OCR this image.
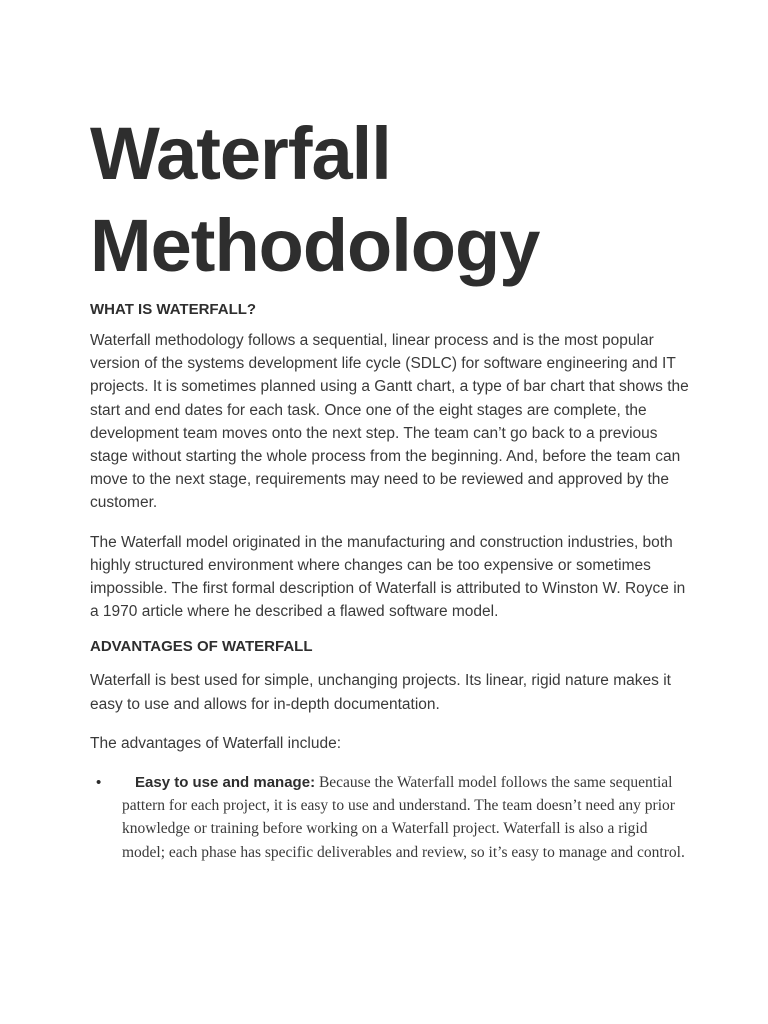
Waterfall
Methodology
WHAT IS WATERFALL?

Waterfall methodology follows a sequential, linear process and is the most popular version of the systems development life cycle (SDLC) for software engineering and IT projects. It is sometimes planned using a Gantt chart, a type of bar chart that shows the start and end dates for each task. Once one of the eight stages are complete, the development team moves onto the next step. The team can’t go back to a previous stage without starting the whole process from the beginning. And, before the team can move to the next stage, requirements may need to be reviewed and approved by the customer.

The Waterfall model originated in the manufacturing and construction industries, both highly structured environment where changes can be too expensive or sometimes impossible. The first formal description of Waterfall is attributed to Winston W. Royce in a 1970 article where he described a flawed software model.

ADVANTAGES OF WATERFALL

Waterfall is best used for simple, unchanging projects. Its linear, rigid nature makes it easy to use and allows for in-depth documentation.

The advantages of Waterfall include:

• Easy to use and manage: Because the Waterfall model follows the same sequential pattern for each project, it is easy to use and understand. The team doesn’t need any prior knowledge or training before working on a Waterfall project. Waterfall is also a rigid model; each phase has specific deliverables and review, so it’s easy to manage and control.
